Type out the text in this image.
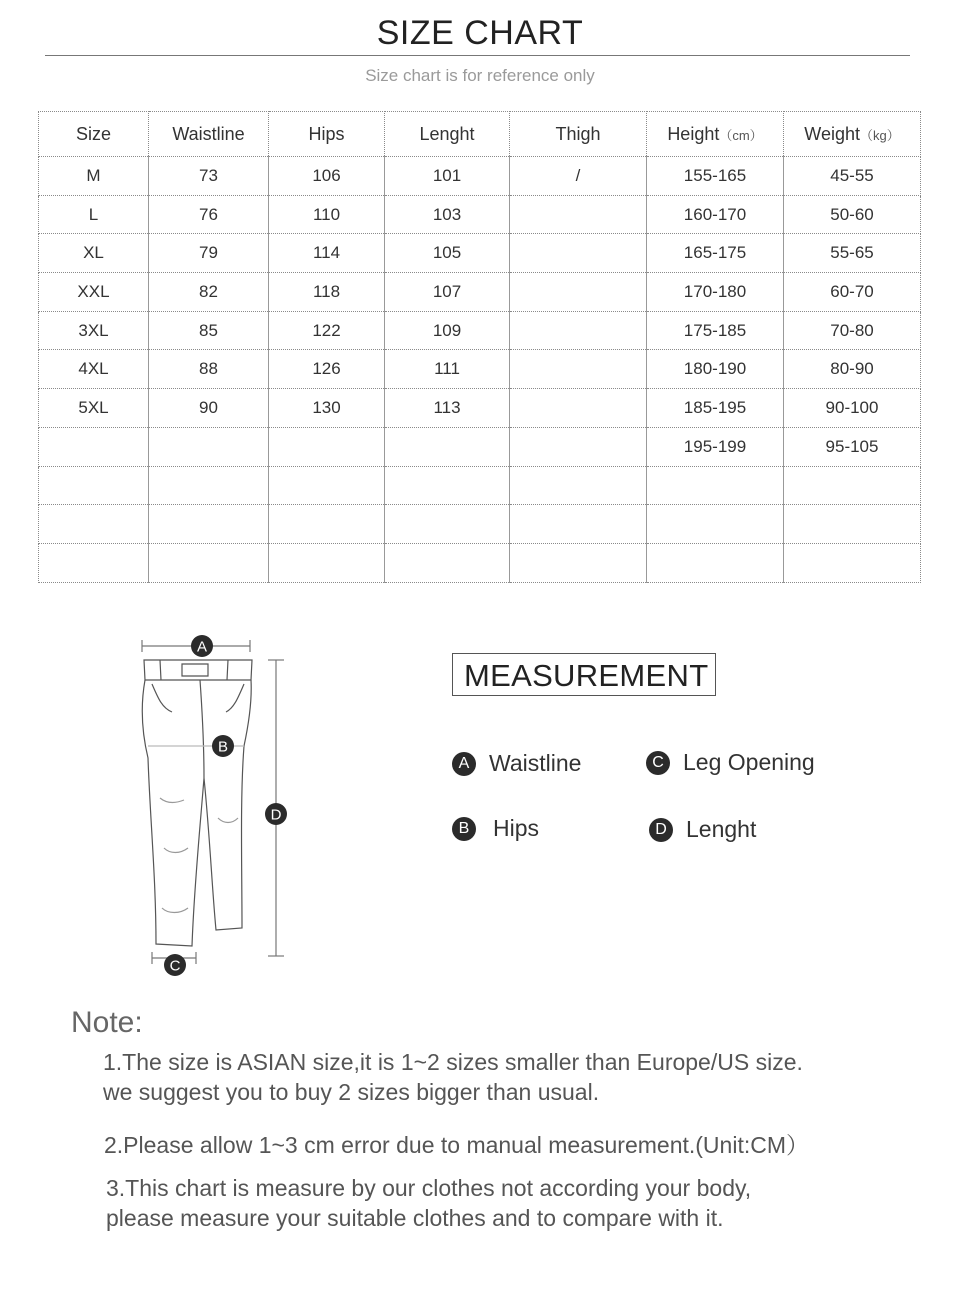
SIZE CHART
Size chart is for reference only
Size	Waistline	Hips	Lenght	Thigh	Height（cm）	Weight（kg）
M	73	106	101	/	155-165	45-55
L	76	110	103		160-170	50-60
XL	79	114	105		165-175	55-65
XXL	82	118	107		170-180	60-70
3XL	85	122	109		175-185	70-80
4XL	88	126	111		180-190	80-90
5XL	90	130	113		185-195	90-100
					195-199	95-105

A
B
C
D
MEASUREMENT
A Waistline	C Leg Opening
B Hips	D Lenght
Note:
1.The size is ASIAN size,it is 1~2 sizes smaller than Europe/US size.
we suggest you to buy 2 sizes bigger than usual.
2.Please allow 1~3 cm error due to manual measurement.(Unit:CM）
3.This chart is measure by our clothes not according your body,
please measure your suitable clothes and to compare with it.
